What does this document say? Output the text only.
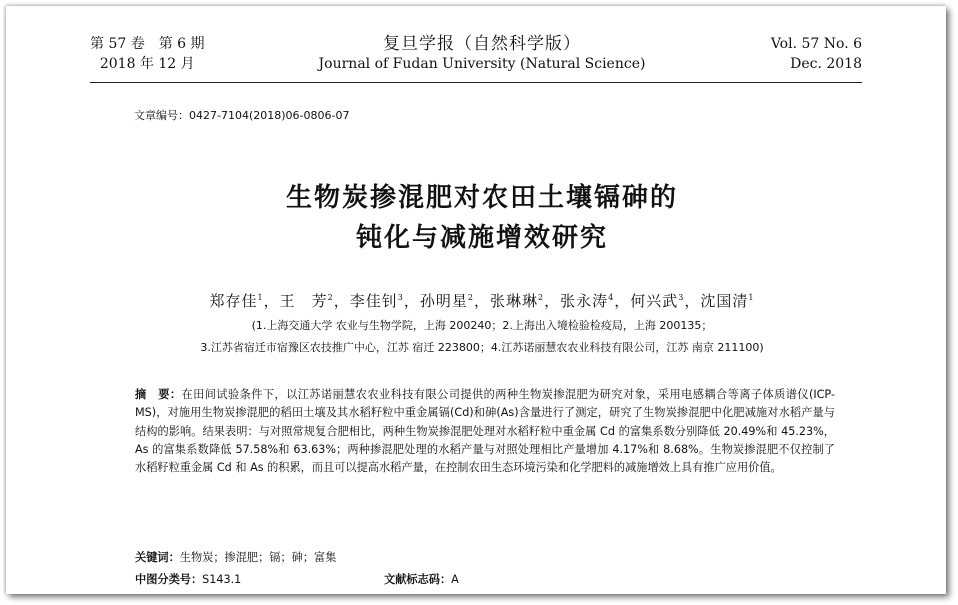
第 57 卷　第 6 期
2018 年 12 月
复旦学报（自然科学版）
Journal of Fudan University (Natural Science)
Vol. 57 No. 6
Dec. 2018
文章编号：0427-7104(2018)06-0806-07
生物炭掺混肥对农田土壤镉砷的
钝化与减施增效研究
郑存佳$^1$，王　芳$^2$，李佳钊$^3$，孙明星$^2$，张琳琳$^2$，张永涛$^4$，何兴武$^3$，沈国清$^1$
(1.上海交通大学 农业与生物学院，上海 200240；2.上海出入境检验检疫局，上海 200135；
3.江苏省宿迁市宿豫区农技推广中心，江苏 宿迁 223800；4.江苏诺丽慧农农业科技有限公司，江苏 南京 211100)
摘　要：在田间试验条件下，以江苏诺丽慧农农业科技有限公司提供的两种生物炭掺混肥为研究对象，采用电感耦合等离子体质谱仪(ICP-MS)，对施用生物炭掺混肥的稻田土壤及其水稻籽粒中重金属镉(Cd)和砷(As)含量进行了测定，研究了生物炭掺混肥中化肥减施对水稻产量与结构的影响。结果表明：与对照常规复合肥相比，两种生物炭掺混肥处理对水稻籽粒中重金属 Cd 的富集系数分别降低 20.49%和 45.23%，As 的富集系数降低 57.58%和 63.63%；两种掺混肥处理的水稻产量与对照处理相比产量增加 4.17%和 8.68%。生物炭掺混肥不仅控制了水稻籽粒重金属 Cd 和 As 的积累，而且可以提高水稻产量，在控制农田生态环境污染和化学肥料的减施增效上具有推广应用价值。
关键词：生物炭；掺混肥；镉；砷；富集
中图分类号：S143.1	文献标志码：A
